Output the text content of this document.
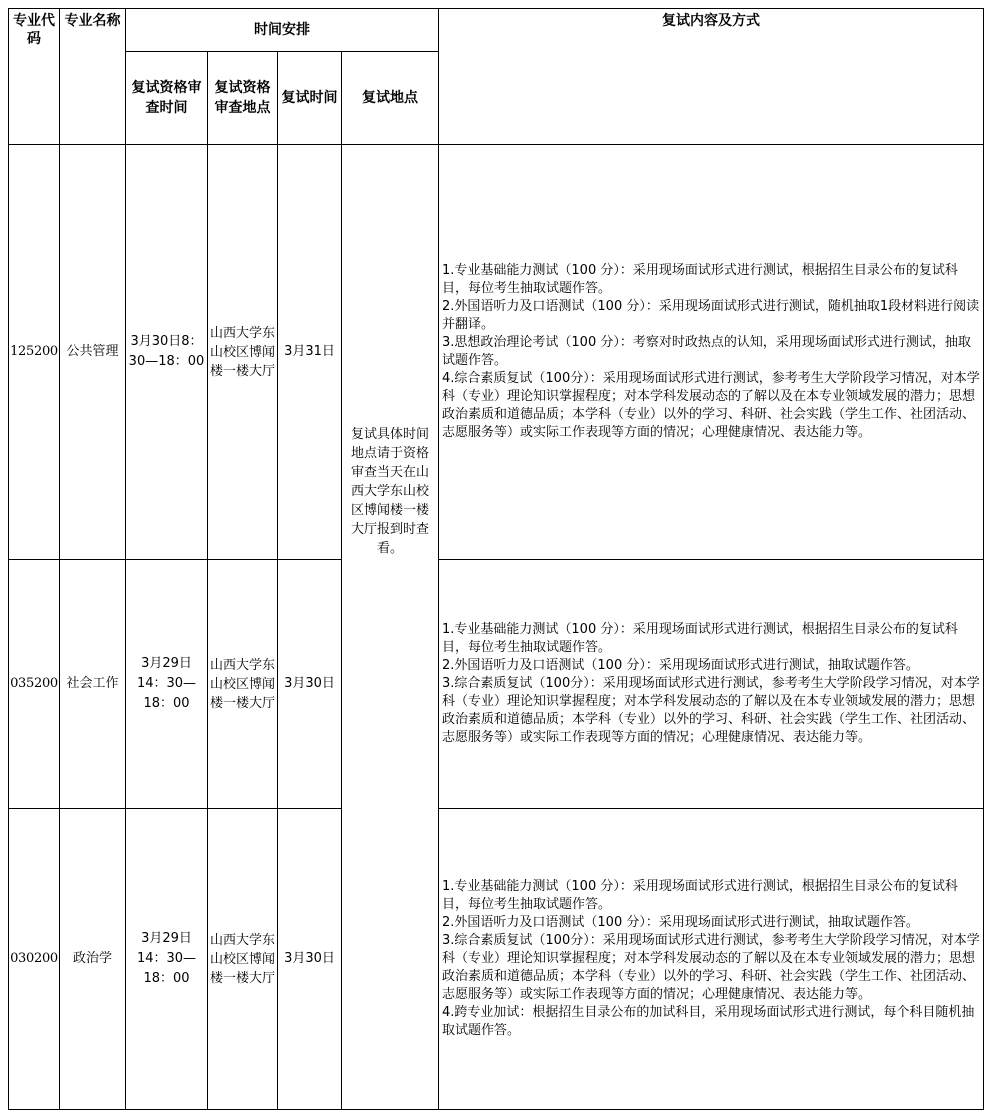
专业代码	专业名称	时间安排				复试内容及方式
		复试资格审查时间	复试资格审查地点	复试时间	复试地点	
125200	公共管理	3月30日8：30—18：00	山西大学东山校区博闻楼一楼大厅	3月31日	复试具体时间地点请于资格审查当天在山西大学东山校区博闻楼一楼大厅报到时查看。	1.专业基础能力测试（100 分）：采用现场面试形式进行测试，根据招生目录公布的复试科目，每位考生抽取试题作答。
2.外国语听力及口语测试（100 分）：采用现场面试形式进行测试，随机抽取1段材料进行阅读并翻译。
3.思想政治理论考试（100 分）：考察对时政热点的认知，采用现场面试形式进行测试，抽取试题作答。
4.综合素质复试（100分）：采用现场面试形式进行测试，参考考生大学阶段学习情况，对本学科（专业）理论知识掌握程度；对本学科发展动态的了解以及在本专业领域发展的潜力；思想政治素质和道德品质；本学科（专业）以外的学习、科研、社会实践（学生工作、社团活动、志愿服务等）或实际工作表现等方面的情况；心理健康情况、表达能力等。

035200	社会工作	3月29日14：30—18：00	山西大学东山校区博闻楼一楼大厅	3月30日		1.专业基础能力测试（100 分）：采用现场面试形式进行测试，根据招生目录公布的复试科目，每位考生抽取试题作答。
2.外国语听力及口语测试（100 分）：采用现场面试形式进行测试，抽取试题作答。
3.综合素质复试（100分）：采用现场面试形式进行测试，参考考生大学阶段学习情况，对本学科（专业）理论知识掌握程度；对本学科发展动态的了解以及在本专业领域发展的潜力；思想政治素质和道德品质；本学科（专业）以外的学习、科研、社会实践（学生工作、社团活动、志愿服务等）或实际工作表现等方面的情况；心理健康情况、表达能力等。

030200	政治学	3月29日14：30—18：00	山西大学东山校区博闻楼一楼大厅	3月30日		1.专业基础能力测试（100 分）：采用现场面试形式进行测试，根据招生目录公布的复试科目，每位考生抽取试题作答。
2.外国语听力及口语测试（100 分）：采用现场面试形式进行测试，抽取试题作答。
3.综合素质复试（100分）：采用现场面试形式进行测试，参考考生大学阶段学习情况，对本学科（专业）理论知识掌握程度；对本学科发展动态的了解以及在本专业领域发展的潜力；思想政治素质和道德品质；本学科（专业）以外的学习、科研、社会实践（学生工作、社团活动、志愿服务等）或实际工作表现等方面的情况；心理健康情况、表达能力等。
4.跨专业加试：根据招生目录公布的加试科目，采用现场面试形式进行测试，每个科目随机抽取试题作答。
